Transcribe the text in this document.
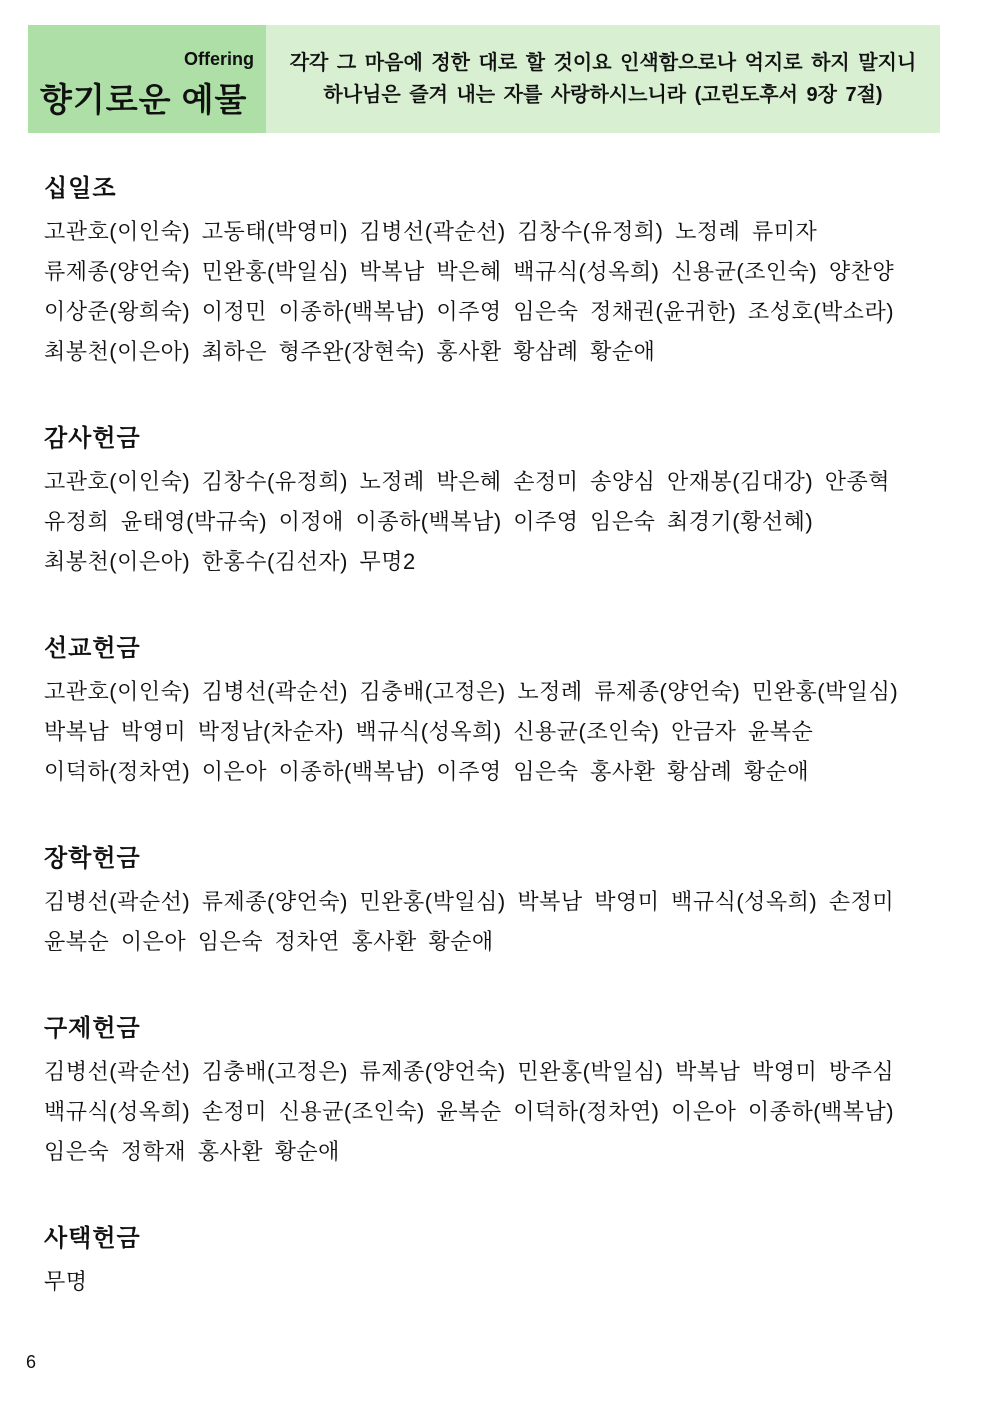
Offering
향기로운 예물
각각 그 마음에 정한 대로 할 것이요 인색함으로나 억지로 하지 말지니
하나님은 즐겨 내는 자를 사랑하시느니라 (고린도후서 9장 7절)
십일조

고관호(이인숙) 고동태(박영미) 김병선(곽순선) 김창수(유정희) 노정례 류미자

류제종(양언숙) 민완홍(박일심) 박복남 박은혜 백규식(성옥희) 신용균(조인숙) 양찬양

이상준(왕희숙) 이정민 이종하(백복남) 이주영 임은숙 정채권(윤귀한) 조성호(박소라)

최봉천(이은아) 최하은 형주완(장현숙) 홍사환 황삼례 황순애

감사헌금

고관호(이인숙) 김창수(유정희) 노정례 박은혜 손정미 송양심 안재봉(김대강) 안종혁

유정희 윤태영(박규숙) 이정애 이종하(백복남) 이주영 임은숙 최경기(황선혜)

최봉천(이은아) 한홍수(김선자) 무명2

선교헌금

고관호(이인숙) 김병선(곽순선) 김충배(고정은) 노정례 류제종(양언숙) 민완홍(박일심)

박복남 박영미 박정남(차순자) 백규식(성옥희) 신용균(조인숙) 안금자 윤복순

이덕하(정차연) 이은아 이종하(백복남) 이주영 임은숙 홍사환 황삼례 황순애

장학헌금

김병선(곽순선) 류제종(양언숙) 민완홍(박일심) 박복남 박영미 백규식(성옥희) 손정미

윤복순 이은아 임은숙 정차연 홍사환 황순애

구제헌금

김병선(곽순선) 김충배(고정은) 류제종(양언숙) 민완홍(박일심) 박복남 박영미 방주심

백규식(성옥희) 손정미 신용균(조인숙) 윤복순 이덕하(정차연) 이은아 이종하(백복남)

임은숙 정학재 홍사환 황순애

사택헌금

무명

6
